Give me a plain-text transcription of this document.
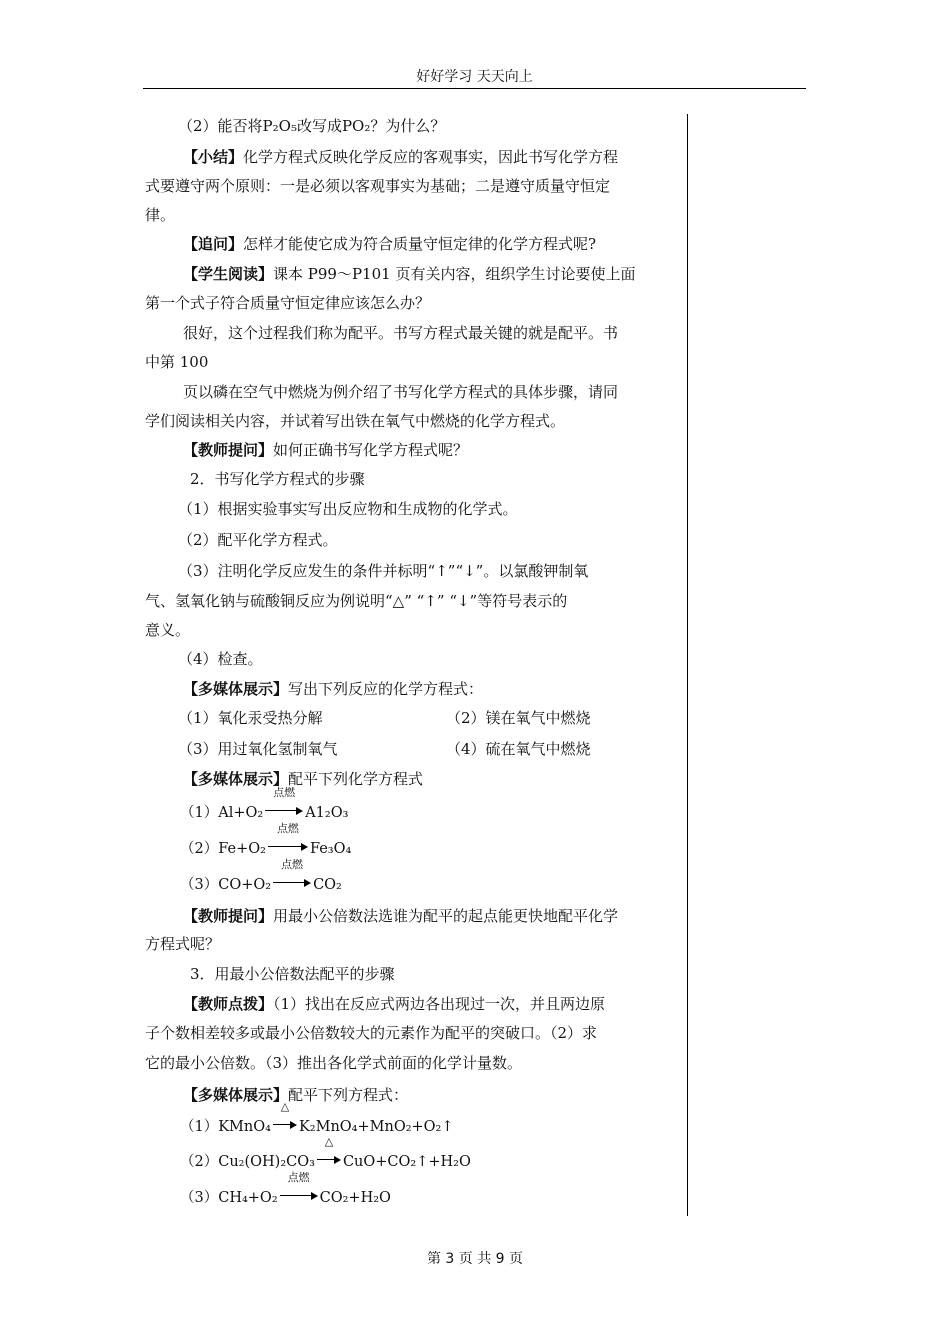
好好学习 天天向上
（2）能否将P₂O₅改写成PO₂？为什么？
【小结】化学方程式反映化学反应的客观事实，因此书写化学方程
式要遵守两个原则：一是必须以客观事实为基础；二是遵守质量守恒定
律。
【追问】怎样才能使它成为符合质量守恒定律的化学方程式呢?
【学生阅读】课本 P99～P101 页有关内容，组织学生讨论要使上面
第一个式子符合质量守恒定律应该怎么办？
很好，这个过程我们称为配平。书写方程式最关键的就是配平。书
中第 100
页以磷在空气中燃烧为例介绍了书写化学方程式的具体步骤，请同
学们阅读相关内容，并试着写出铁在氧气中燃烧的化学方程式。
【教师提问】如何正确书写化学方程式呢？
2．书写化学方程式的步骤
（1）根据实验事实写出反应物和生成物的化学式。
（2）配平化学方程式。
（3）注明化学反应发生的条件并标明“↑”“↓”。以氯酸钾制氧
气、氢氧化钠与硫酸铜反应为例说明“△” “↑” “↓”等符号表示的
意义。
（4）检查。
【多媒体展示】写出下列反应的化学方程式：
（1）氧化汞受热分解	（2）镁在氧气中燃烧
（3）用过氧化氢制氧气	（4）硫在氧气中燃烧
【多媒体展示】配平下列化学方程式
（1）Al+O₂
点燃
A1₂O₃
（2）Fe+O₂
点燃
Fe₃O₄
（3）CO+O₂
点燃
CO₂
【教师提问】用最小公倍数法选谁为配平的起点能更快地配平化学
方程式呢？
3．用最小公倍数法配平的步骤
【教师点拨】（1）找出在反应式两边各出现过一次，并且两边原
子个数相差较多或最小公倍数较大的元素作为配平的突破口。（2）求
它的最小公倍数。（3）推出各化学式前面的化学计量数。
【多媒体展示】配平下列方程式：
（1）KMnO₄
△
K₂MnO₄+MnO₂+O₂↑
（2）Cu₂(OH)₂CO₃
△
CuO+CO₂↑+H₂O
（3）CH₄+O₂
点燃
CO₂+H₂O
第 3 页 共 9 页
